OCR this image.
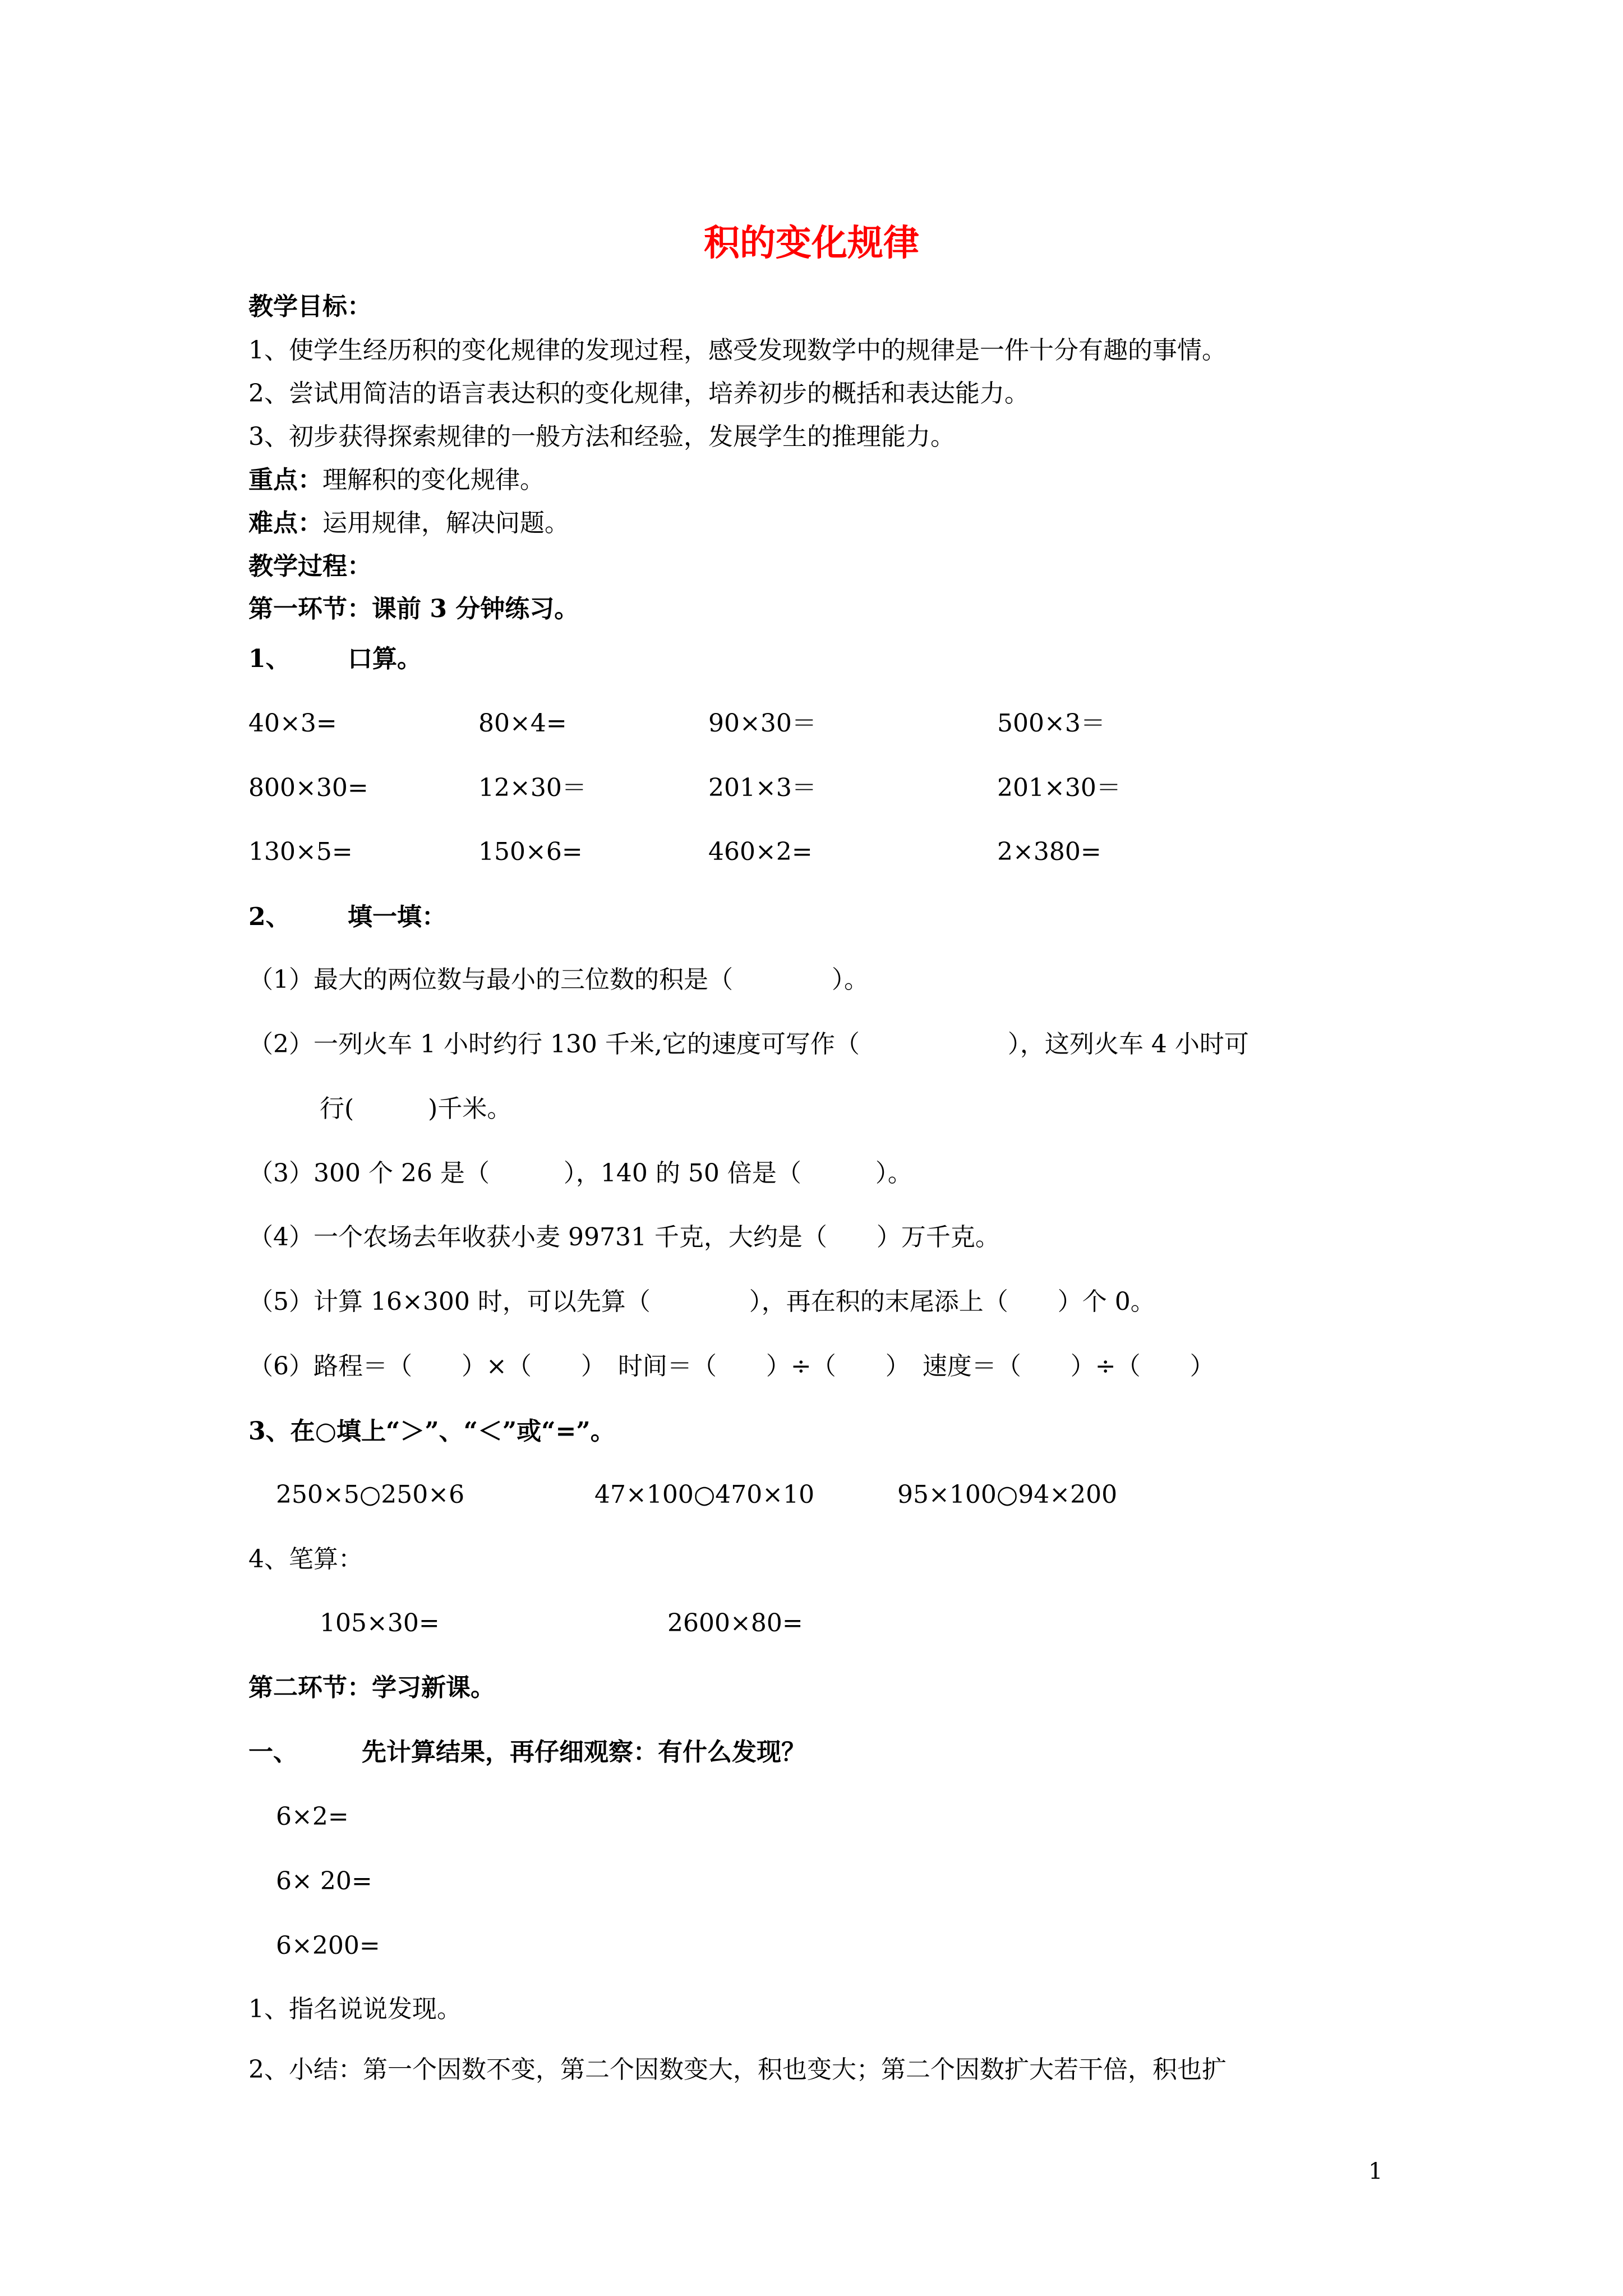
积的变化规律
教学目标：
1、使学生经历积的变化规律的发现过程，感受发现数学中的规律是一件十分有趣的事情。
2、尝试用简洁的语言表达积的变化规律，培养初步的概括和表达能力。
3、初步获得探索规律的一般方法和经验，发展学生的推理能力。
重点：理解积的变化规律。
难点：运用规律，解决问题。
教学过程：
第一环节：课前 3 分钟练习。
1、 口算。
40×3=	80×4=	90×30＝	500×3＝
800×30=	12×30＝	201×3＝	201×30＝
130×5=	150×6=	460×2=	2×380=
2、 填一填：
（1）最大的两位数与最小的三位数的积是（　　　　）。
（2）一列火车 1 小时约行 130 千米,它的速度可写作（　　　　　　），这列火车 4 小时可
行(　　　)千米。
（3）300 个 26 是（　　　），140 的 50 倍是（　　　）。
（4）一个农场去年收获小麦 99731 千克，大约是（　　）万千克。
（5）计算 16×300 时，可以先算（　　　　），再在积的末尾添上（　　）个 0。
（6）路程＝（　　）×（　　）　时间＝（　　）÷（　　）　速度＝（　　）÷（　　）
3、在○填上“＞”、“＜”或“=”。
250×5○250×6	47×100○470×10	95×100○94×200
4、笔算：
105×30=	2600×80=
第二环节：学习新课。
一、	先计算结果，再仔细观察：有什么发现？
6×2=
6× 20=
6×200=
1、指名说说发现。
2、小结：第一个因数不变，第二个因数变大，积也变大；第二个因数扩大若干倍，积也扩
1
